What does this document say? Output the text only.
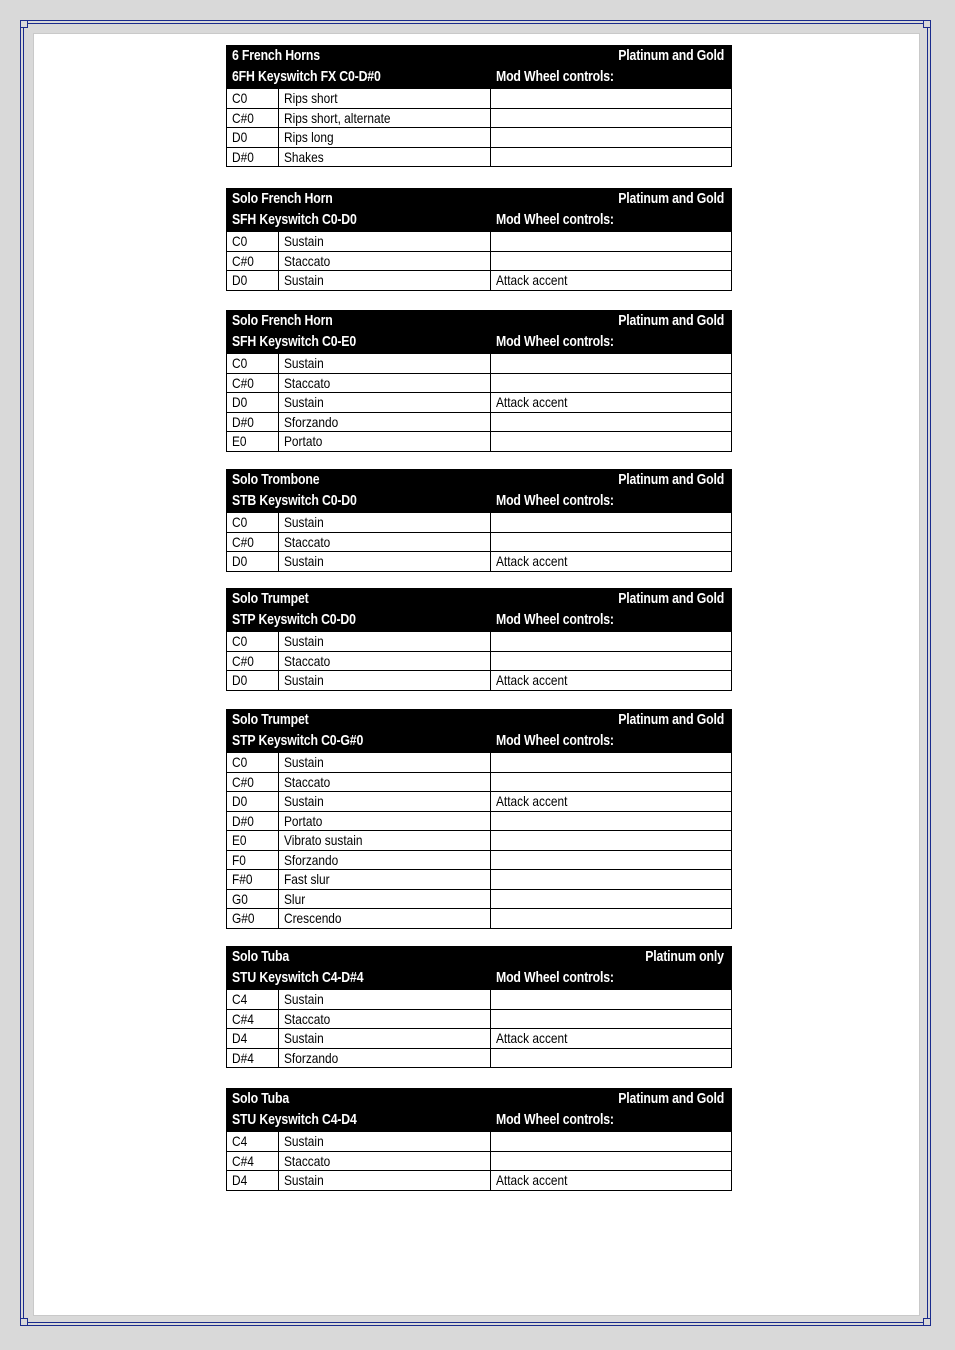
6 French Horns	Platinum and Gold
6FH Keyswitch FX C0-D#0	Mod Wheel controls:
C0	Rips short
C#0	Rips short, alternate
D0	Rips long
D#0	Shakes
Solo French Horn	Platinum and Gold
SFH Keyswitch C0-D0	Mod Wheel controls:
C0	Sustain
C#0	Staccato
D0	Sustain	Attack accent
Solo French Horn	Platinum and Gold
SFH Keyswitch C0-E0	Mod Wheel controls:
C0	Sustain
C#0	Staccato
D0	Sustain	Attack accent
D#0	Sforzando
E0	Portato
Solo Trombone	Platinum and Gold
STB Keyswitch C0-D0	Mod Wheel controls:
C0	Sustain
C#0	Staccato
D0	Sustain	Attack accent
Solo Trumpet	Platinum and Gold
STP Keyswitch C0-D0	Mod Wheel controls:
C0	Sustain
C#0	Staccato
D0	Sustain	Attack accent
Solo Trumpet	Platinum and Gold
STP Keyswitch C0-G#0	Mod Wheel controls:
C0	Sustain
C#0	Staccato
D0	Sustain	Attack accent
D#0	Portato
E0	Vibrato sustain
F0	Sforzando
F#0	Fast slur
G0	Slur
G#0	Crescendo
Solo Tuba	Platinum only
STU Keyswitch C4-D#4	Mod Wheel controls:
C4	Sustain
C#4	Staccato
D4	Sustain	Attack accent
D#4	Sforzando
Solo Tuba	Platinum and Gold
STU Keyswitch C4-D4	Mod Wheel controls:
C4	Sustain
C#4	Staccato
D4	Sustain	Attack accent
